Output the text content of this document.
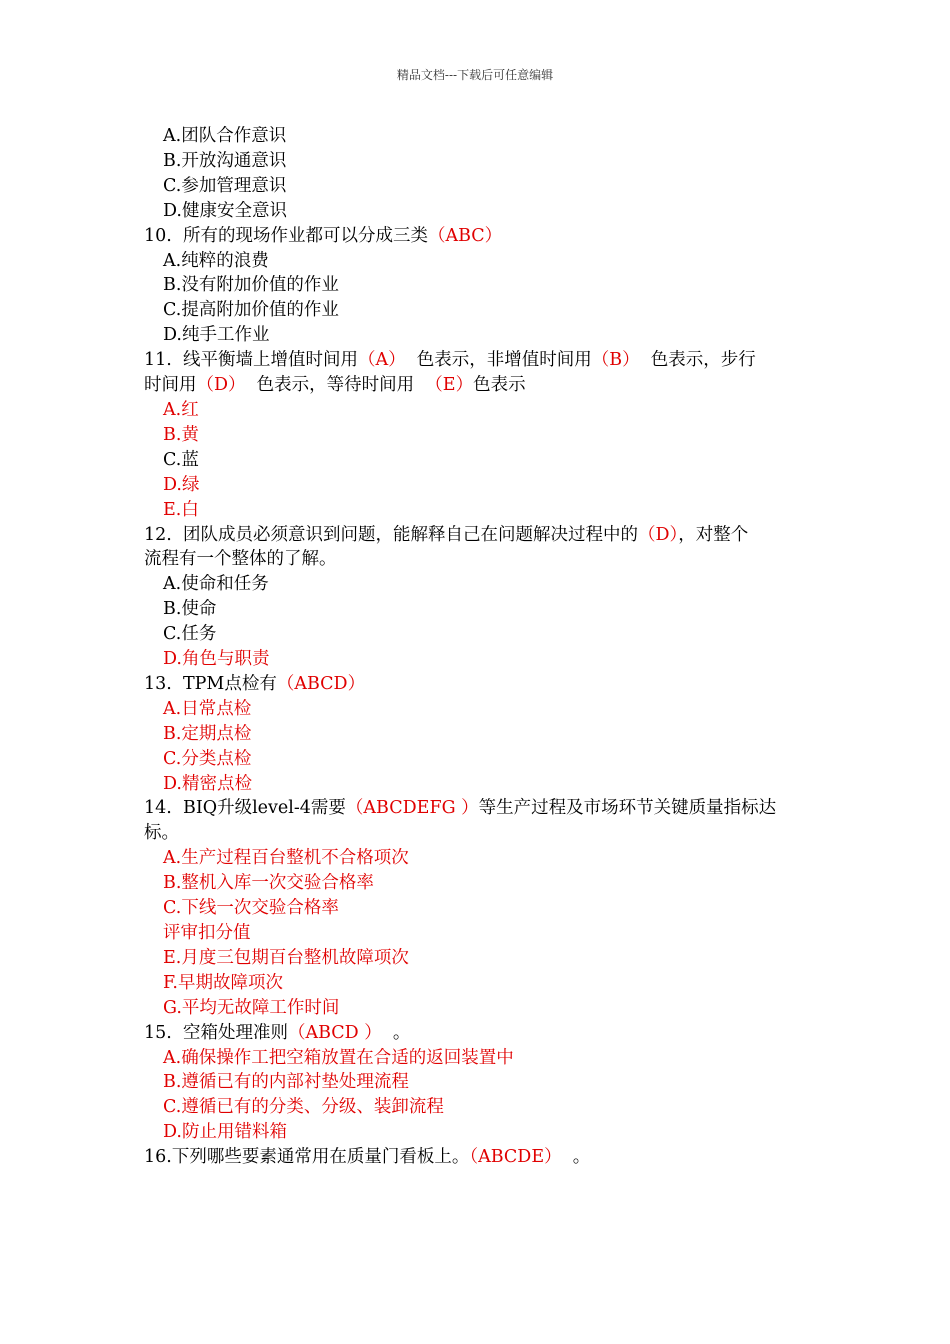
精品文档---下载后可任意编辑
A.团队合作意识
B.开放沟通意识
C.参加管理意识
D.健康安全意识
10.  所有的现场作业都可以分成三类（ABC）
A.纯粹的浪费
B.没有附加价值的作业
C.提高附加价值的作业
D.纯手工作业
11.  线平衡墙上增值时间用（A）  色表示，非增值时间用（B）  色表示，步行
时间用（D）  色表示，等待时间用  （E）色表示
A.红
B.黄
C.蓝
D.绿
E.白
12.  团队成员必须意识到问题，能解释自己在问题解决过程中的（D），对整个
流程有一个整体的了解。
A.使命和任务
B.使命
C.任务
D.角色与职责
13.  TPM点检有（ABCD）
A.日常点检
B.定期点检
C.分类点检
D.精密点检
14.  BIQ升级level-4需要（ABCDEFG ）等生产过程及市场环节关键质量指标达
标。
A.生产过程百台整机不合格项次
B.整机入库一次交验合格率
C.下线一次交验合格率
评审扣分值
E.月度三包期百台整机故障项次
F.早期故障项次
G.平均无故障工作时间
15.  空箱处理准则（ABCD ）  。
A.确保操作工把空箱放置在合适的返回装置中
B.遵循已有的内部衬垫处理流程
C.遵循已有的分类、分级、装卸流程
D.防止用错料箱
16.下列哪些要素通常用在质量门看板上。（ABCDE）  。
